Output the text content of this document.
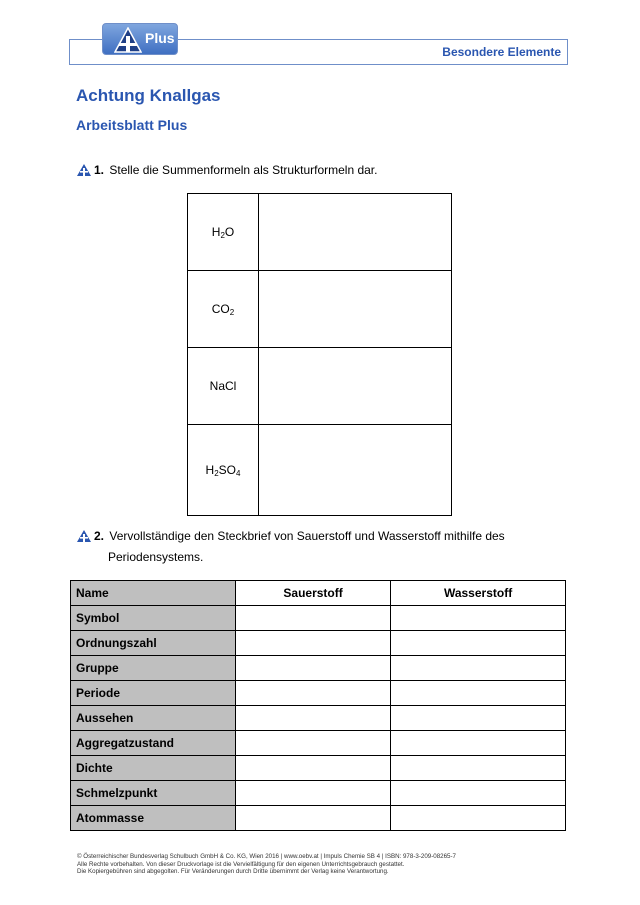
Besondere Elemente
Plus
Achtung Knallgas
Arbeitsblatt Plus
1. Stelle die Summenformeln als Strukturformeln dar.
$H_2O$	
$CO_2$	
NaCl	
$H_2SO_4$	
2. Vervollständige den Steckbrief von Sauerstoff und Wasserstoff mithilfe des
Periodensystems.
Name	Sauerstoff	Wasserstoff
Symbol		
Ordnungszahl		
Gruppe		
Periode		
Aussehen		
Aggregatzustand		
Dichte		
Schmelzpunkt		
Atommasse		
© Österreichischer Bundesverlag Schulbuch GmbH & Co. KG, Wien 2016 | www.oebv.at | Impuls Chemie SB 4 | ISBN: 978-3-209-08265-7
Alle Rechte vorbehalten. Von dieser Druckvorlage ist die Vervielfältigung für den eigenen Unterrichtsgebrauch gestattet.
Die Kopiergebühren sind abgegolten. Für Veränderungen durch Dritte übernimmt der Verlag keine Verantwortung.
